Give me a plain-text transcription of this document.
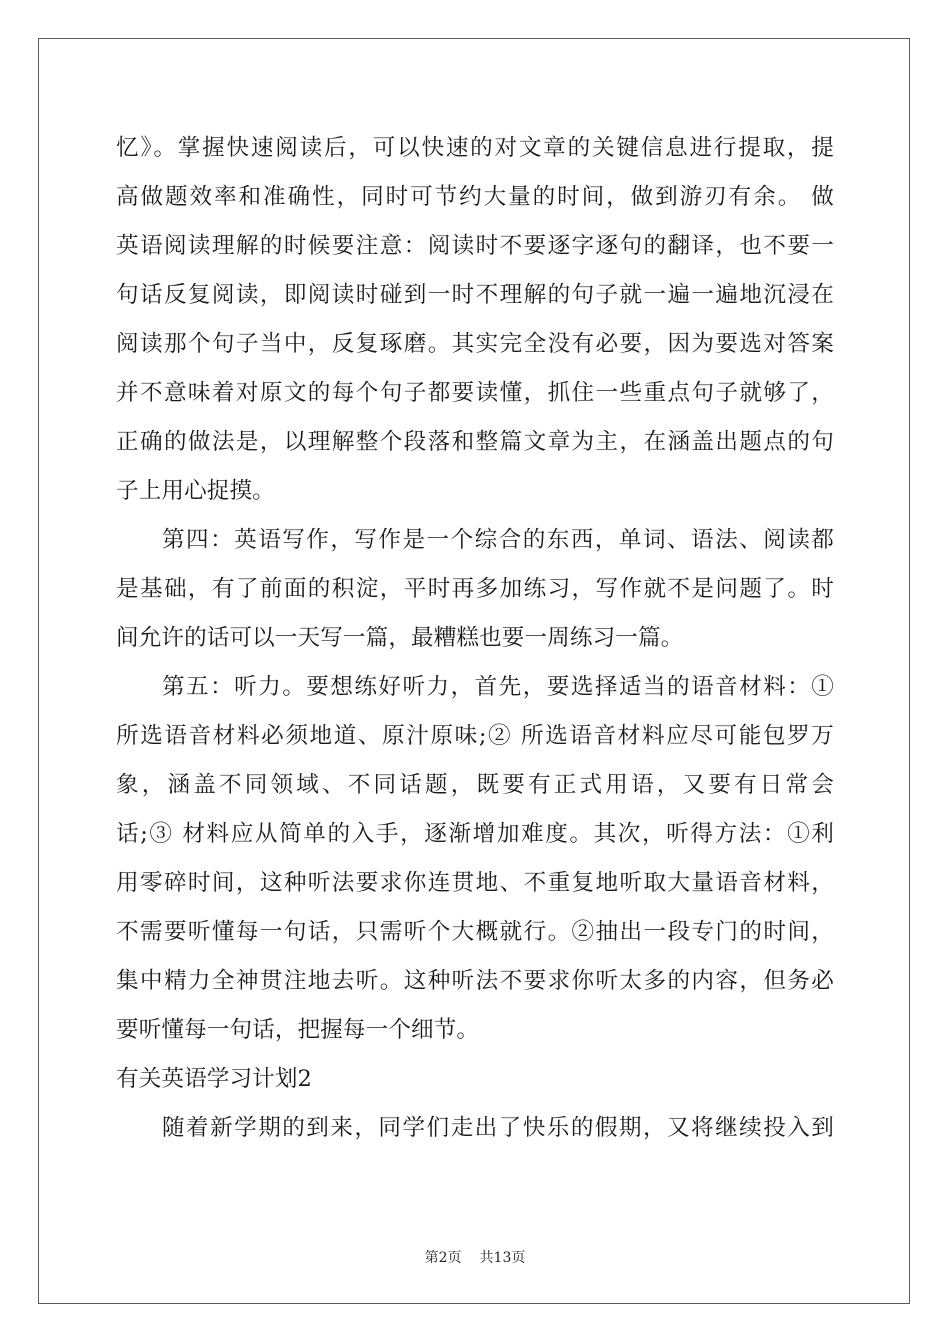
忆》。掌握快速阅读后，可以快速的对文章的关键信息进行提取，提
高做题效率和准确性，同时可节约大量的时间，做到游刃有余。 做
英语阅读理解的时候要注意：阅读时不要逐字逐句的翻译，也不要一
句话反复阅读，即阅读时碰到一时不理解的句子就一遍一遍地沉浸在
阅读那个句子当中，反复琢磨。其实完全没有必要，因为要选对答案
并不意味着对原文的每个句子都要读懂，抓住一些重点句子就够了，
正确的做法是，以理解整个段落和整篇文章为主，在涵盖出题点的句
子上用心捉摸。
第四：英语写作，写作是一个综合的东西，单词、语法、阅读都
是基础，有了前面的积淀，平时再多加练习，写作就不是问题了。时
间允许的话可以一天写一篇，最糟糕也要一周练习一篇。
第五：听力。要想练好听力，首先，要选择适当的语音材料：①
所选语音材料必须地道、原汁原味;② 所选语音材料应尽可能包罗万
象，涵盖不同领域、不同话题，既要有正式用语，又要有日常会
话;③ 材料应从简单的入手，逐渐增加难度。其次，听得方法：①利
用零碎时间，这种听法要求你连贯地、不重复地听取大量语音材料，
不需要听懂每一句话，只需听个大概就行。②抽出一段专门的时间，
集中精力全神贯注地去听。这种听法不要求你听太多的内容，但务必
要听懂每一句话，把握每一个细节。
有关英语学习计划2
随着新学期的到来，同学们走出了快乐的假期，又将继续投入到
第2页 共13页
